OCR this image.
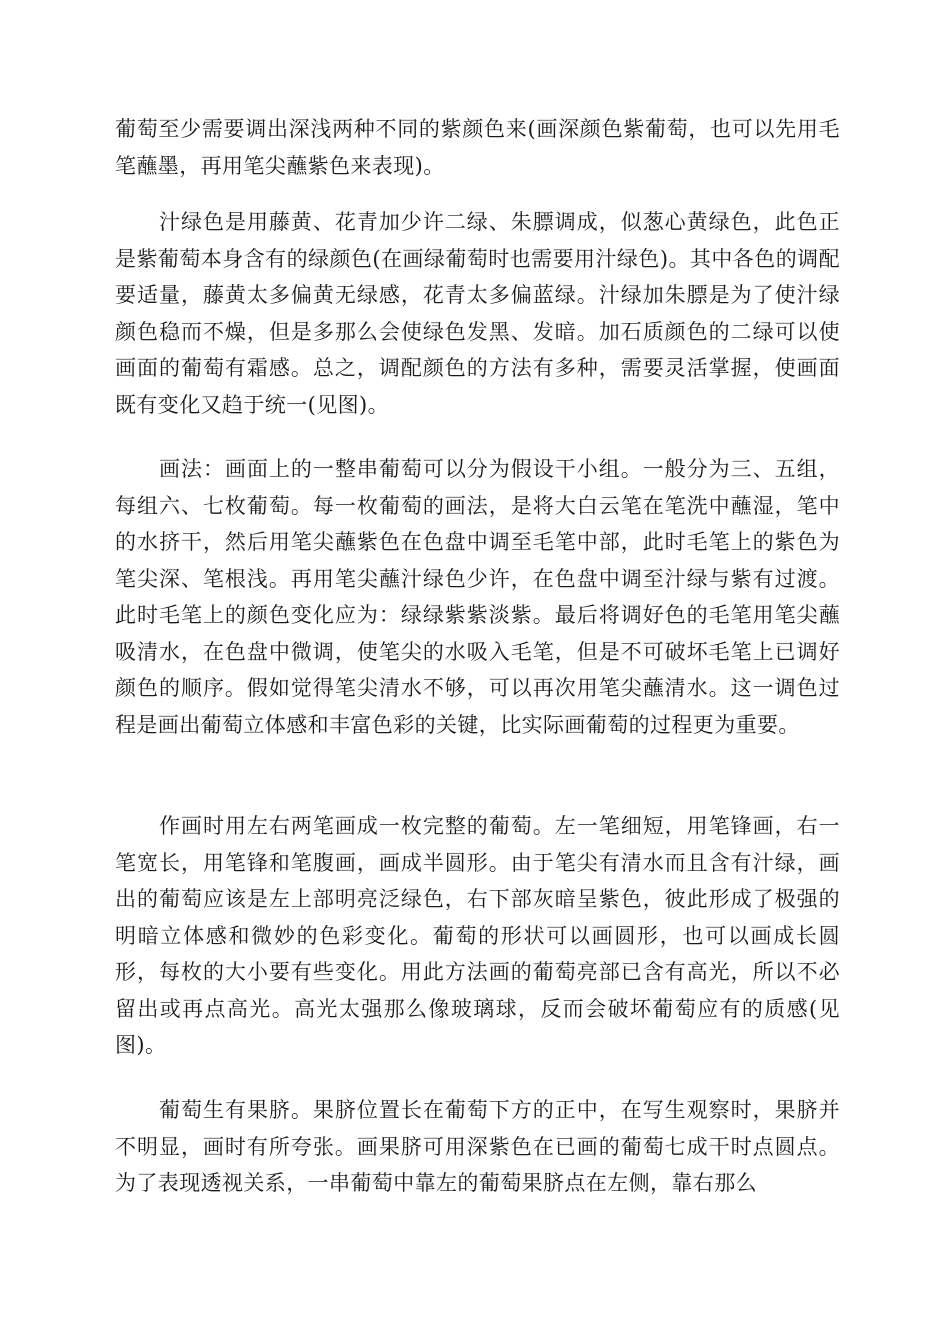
葡萄至少需要调出深浅两种不同的紫颜色来(画深颜色紫葡萄，也可以先用毛笔蘸墨，再用笔尖蘸紫色来表现)。

汁绿色是用藤黄、花青加少许二绿、朱膘调成，似葱心黄绿色，此色正是紫葡萄本身含有的绿颜色(在画绿葡萄时也需要用汁绿色)。其中各色的调配要适量，藤黄太多偏黄无绿感，花青太多偏蓝绿。汁绿加朱膘是为了使汁绿颜色稳而不燥，但是多那么会使绿色发黑、发暗。加石质颜色的二绿可以使画面的葡萄有霜感。总之，调配颜色的方法有多种，需要灵活掌握，使画面既有变化又趋于统一(见图)。

画法：画面上的一整串葡萄可以分为假设干小组。一般分为三、五组，每组六、七枚葡萄。每一枚葡萄的画法，是将大白云笔在笔洗中蘸湿，笔中的水挤干，然后用笔尖蘸紫色在色盘中调至毛笔中部，此时毛笔上的紫色为笔尖深、笔根浅。再用笔尖蘸汁绿色少许，在色盘中调至汁绿与紫有过渡。此时毛笔上的颜色变化应为：绿绿紫紫淡紫。最后将调好色的毛笔用笔尖蘸吸清水，在色盘中微调，使笔尖的水吸入毛笔，但是不可破坏毛笔上已调好颜色的顺序。假如觉得笔尖清水不够，可以再次用笔尖蘸清水。这一调色过程是画出葡萄立体感和丰富色彩的关键，比实际画葡萄的过程更为重要。

作画时用左右两笔画成一枚完整的葡萄。左一笔细短，用笔锋画，右一笔宽长，用笔锋和笔腹画，画成半圆形。由于笔尖有清水而且含有汁绿，画出的葡萄应该是左上部明亮泛绿色，右下部灰暗呈紫色，彼此形成了极强的明暗立体感和微妙的色彩变化。葡萄的形状可以画圆形，也可以画成长圆形，每枚的大小要有些变化。用此方法画的葡萄亮部已含有高光，所以不必留出或再点高光。高光太强那么像玻璃球，反而会破坏葡萄应有的质感(见图)。

葡萄生有果脐。果脐位置长在葡萄下方的正中，在写生观察时，果脐并不明显，画时有所夸张。画果脐可用深紫色在已画的葡萄七成干时点圆点。为了表现透视关系，一串葡萄中靠左的葡萄果脐点在左侧，靠右那么
